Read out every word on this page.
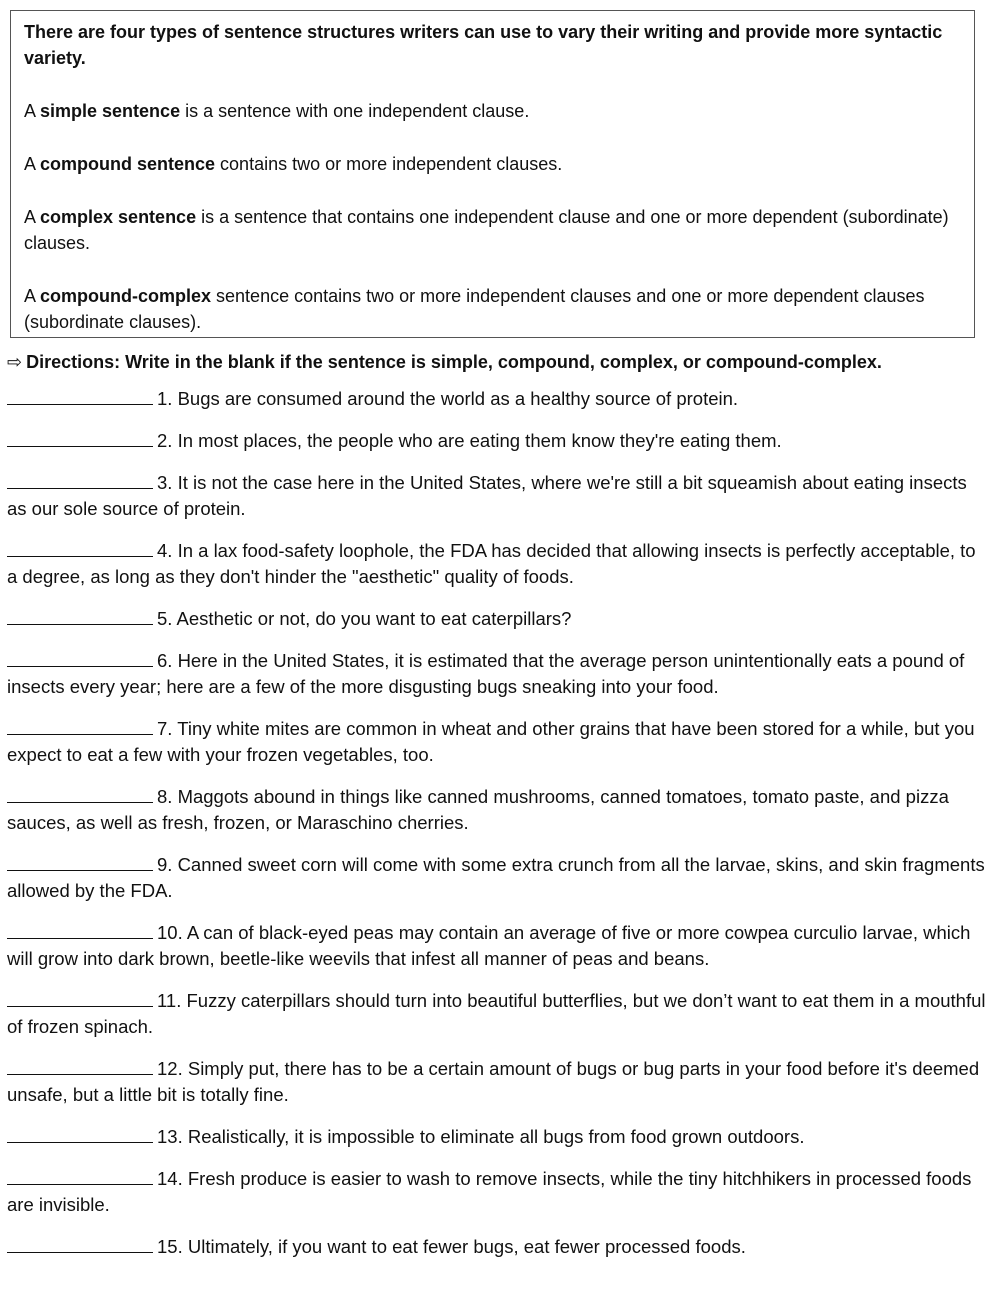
There are four types of sentence structures writers can use to vary their writing and provide more syntactic variety.

A simple sentence is a sentence with one independent clause.

A compound sentence contains two or more independent clauses.

A complex sentence is a sentence that contains one independent clause and one or more dependent (subordinate) clauses.

A compound-complex sentence contains two or more independent clauses and one or more dependent clauses (subordinate clauses).

⇨ Directions: Write in the blank if the sentence is simple, compound, complex, or compound-complex.
1. Bugs are consumed around the world as a healthy source of protein.
2. In most places, the people who are eating them know they're eating them.
3. It is not the case here in the United States, where we're still a bit squeamish about eating insects as our sole source of protein.
4. In a lax food-safety loophole, the FDA has decided that allowing insects is perfectly acceptable, to a degree, as long as they don't hinder the "aesthetic" quality of foods.
5. Aesthetic or not, do you want to eat caterpillars?
6. Here in the United States, it is estimated that the average person unintentionally eats a pound of insects every year; here are a few of the more disgusting bugs sneaking into your food.
7. Tiny white mites are common in wheat and other grains that have been stored for a while, but you expect to eat a few with your frozen vegetables, too.
8. Maggots abound in things like canned mushrooms, canned tomatoes, tomato paste, and pizza sauces, as well as fresh, frozen, or Maraschino cherries.
9. Canned sweet corn will come with some extra crunch from all the larvae, skins, and skin fragments allowed by the FDA.
10. A can of black-eyed peas may contain an average of five or more cowpea curculio larvae, which will grow into dark brown, beetle-like weevils that infest all manner of peas and beans.
11. Fuzzy caterpillars should turn into beautiful butterflies, but we don’t want to eat them in a mouthful of frozen spinach.
12. Simply put, there has to be a certain amount of bugs or bug parts in your food before it's deemed unsafe, but a little bit is totally fine.
13. Realistically, it is impossible to eliminate all bugs from food grown outdoors.
14. Fresh produce is easier to wash to remove insects, while the tiny hitchhikers in processed foods are invisible.
15. Ultimately, if you want to eat fewer bugs, eat fewer processed foods.
